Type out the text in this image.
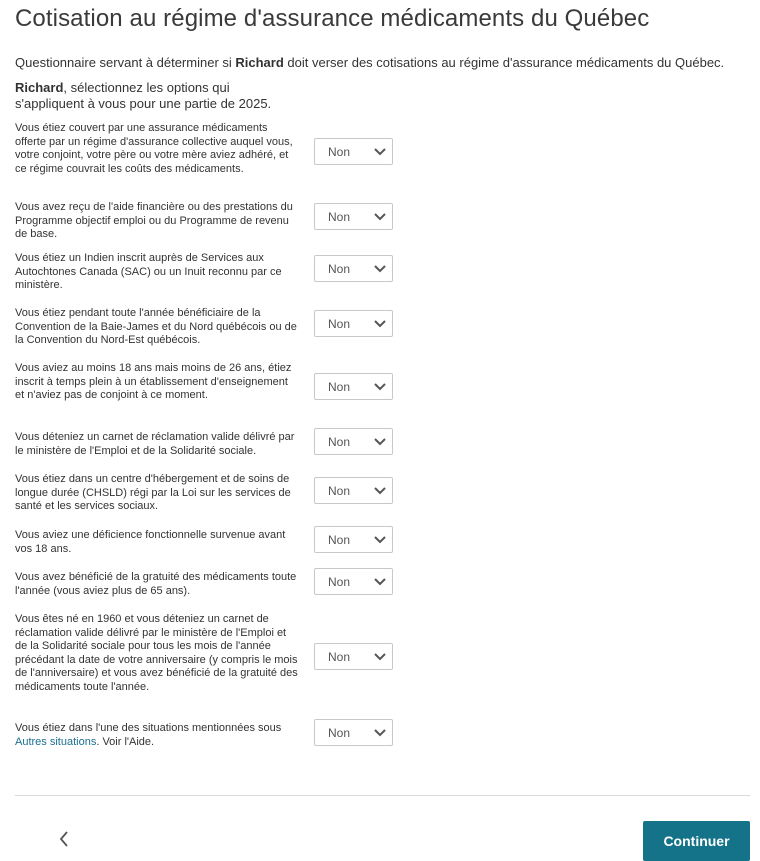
Cotisation au régime d'assurance médicaments du Québec
Questionnaire servant à déterminer si Richard doit verser des cotisations au régime d'assurance médicaments du Québec.
Richard, sélectionnez les options qui s'appliquent à vous pour une partie de 2025.
Vous étiez couvert par une assurance médicaments offerte par un régime d'assurance collective auquel vous, votre conjoint, votre père ou votre mère aviez adhéré, et ce régime couvrait les coûts des médicaments.
Non
Vous avez reçu de l'aide financière ou des prestations du Programme objectif emploi ou du Programme de revenu de base.
Non
Vous étiez un Indien inscrit auprès de Services aux Autochtones Canada (SAC) ou un Inuit reconnu par ce ministère.
Non
Vous étiez pendant toute l'année bénéficiaire de la Convention de la Baie-James et du Nord québécois ou de la Convention du Nord-Est québécois.
Non
Vous aviez au moins 18 ans mais moins de 26 ans, étiez inscrit à temps plein à un établissement d'enseignement et n'aviez pas de conjoint à ce moment.
Non
Vous déteniez un carnet de réclamation valide délivré par le ministère de l'Emploi et de la Solidarité sociale.
Non
Vous étiez dans un centre d'hébergement et de soins de longue durée (CHSLD) régi par la Loi sur les services de santé et les services sociaux.
Non
Vous aviez une déficience fonctionnelle survenue avant vos 18 ans.
Non
Vous avez bénéficié de la gratuité des médicaments toute l'année (vous aviez plus de 65 ans).
Non
Vous êtes né en 1960 et vous déteniez un carnet de réclamation valide délivré par le ministère de l'Emploi et de la Solidarité sociale pour tous les mois de l'année précédant la date de votre anniversaire (y compris le mois de l'anniversaire) et vous avez bénéficié de la gratuité des médicaments toute l'année.
Non
Vous étiez dans l'une des situations mentionnées sous Autres situations. Voir l'Aide.
Non
Continuer
